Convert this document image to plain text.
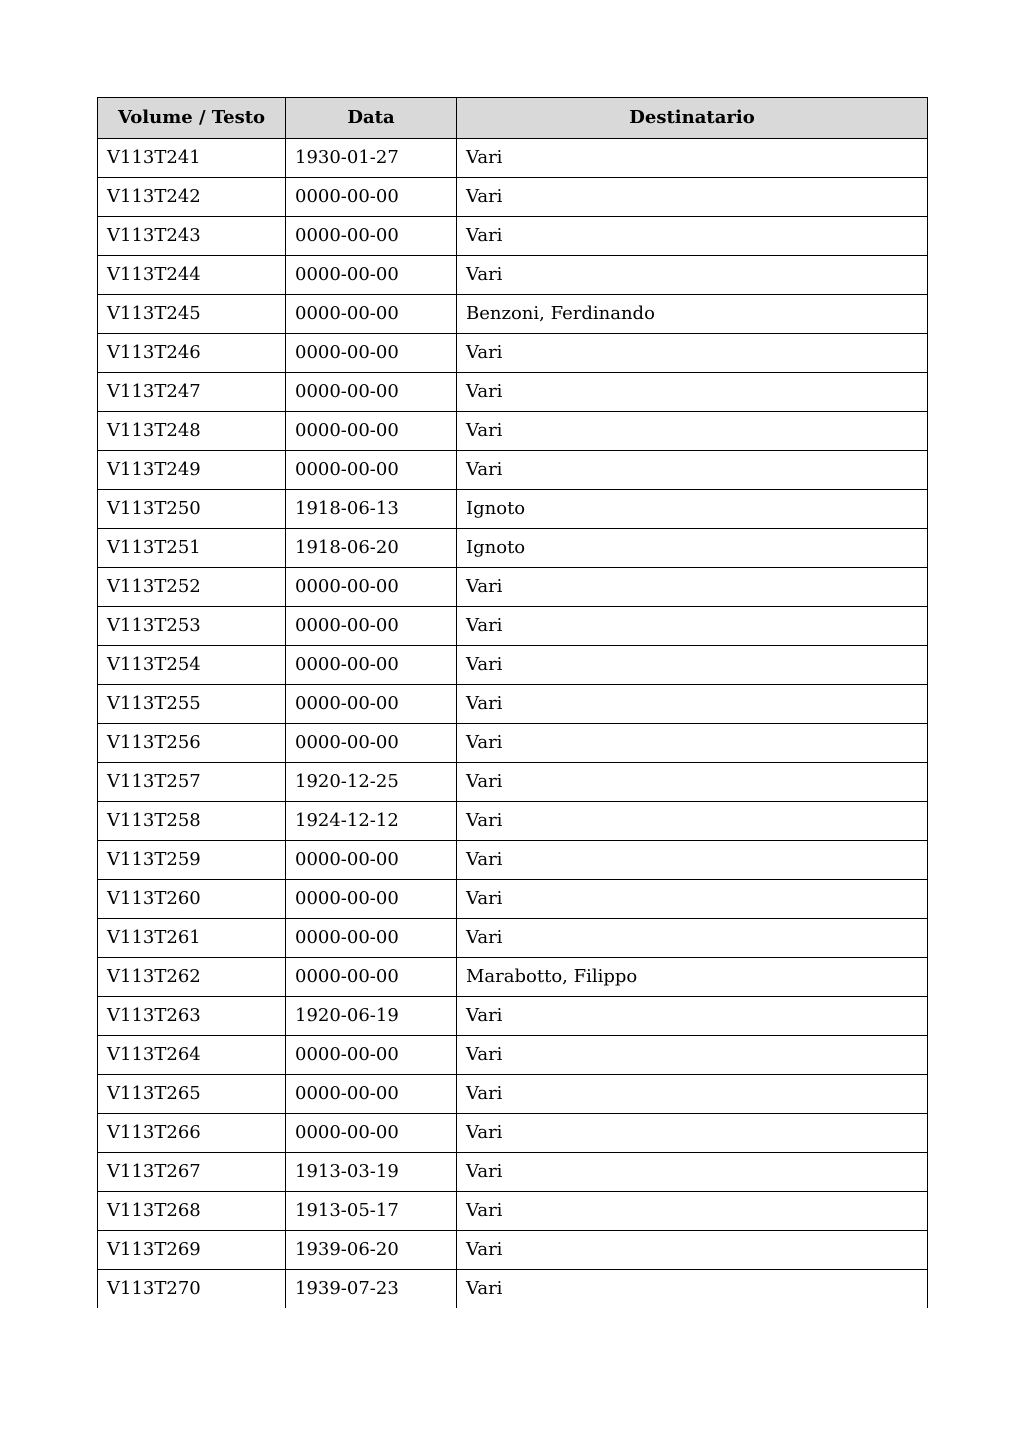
Volume / Testo	Data	Destinatario
V113T241	1930-01-27	Vari
V113T242	0000-00-00	Vari
V113T243	0000-00-00	Vari
V113T244	0000-00-00	Vari
V113T245	0000-00-00	Benzoni, Ferdinando
V113T246	0000-00-00	Vari
V113T247	0000-00-00	Vari
V113T248	0000-00-00	Vari
V113T249	0000-00-00	Vari
V113T250	1918-06-13	Ignoto
V113T251	1918-06-20	Ignoto
V113T252	0000-00-00	Vari
V113T253	0000-00-00	Vari
V113T254	0000-00-00	Vari
V113T255	0000-00-00	Vari
V113T256	0000-00-00	Vari
V113T257	1920-12-25	Vari
V113T258	1924-12-12	Vari
V113T259	0000-00-00	Vari
V113T260	0000-00-00	Vari
V113T261	0000-00-00	Vari
V113T262	0000-00-00	Marabotto, Filippo
V113T263	1920-06-19	Vari
V113T264	0000-00-00	Vari
V113T265	0000-00-00	Vari
V113T266	0000-00-00	Vari
V113T267	1913-03-19	Vari
V113T268	1913-05-17	Vari
V113T269	1939-06-20	Vari
V113T270	1939-07-23	Vari
